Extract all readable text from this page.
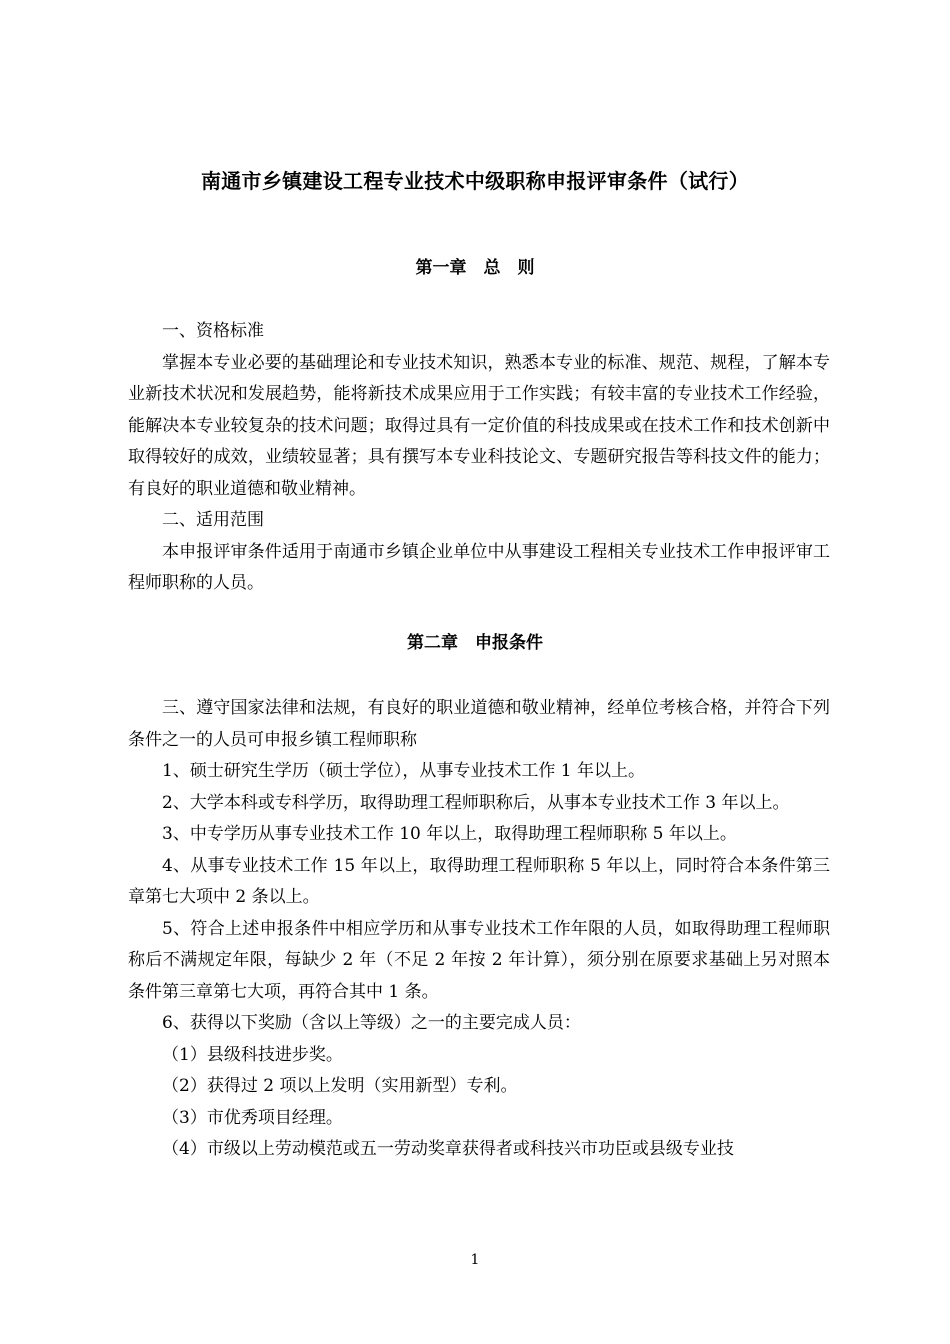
南通市乡镇建设工程专业技术中级职称申报评审条件（试行）
第一章　总　则

一、资格标准

掌握本专业必要的基础理论和专业技术知识，熟悉本专业的标准、规范、规程，了解本专业新技术状况和发展趋势，能将新技术成果应用于工作实践；有较丰富的专业技术工作经验，能解决本专业较复杂的技术问题；取得过具有一定价值的科技成果或在技术工作和技术创新中取得较好的成效，业绩较显著；具有撰写本专业科技论文、专题研究报告等科技文件的能力；有良好的职业道德和敬业精神。

二、适用范围

本申报评审条件适用于南通市乡镇企业单位中从事建设工程相关专业技术工作申报评审工程师职称的人员。

第二章　申报条件

三、遵守国家法律和法规，有良好的职业道德和敬业精神，经单位考核合格，并符合下列条件之一的人员可申报乡镇工程师职称

1、硕士研究生学历（硕士学位），从事专业技术工作 1 年以上。

2、大学本科或专科学历，取得助理工程师职称后，从事本专业技术工作 3 年以上。

3、中专学历从事专业技术工作 10 年以上，取得助理工程师职称 5 年以上。

4、从事专业技术工作 15 年以上，取得助理工程师职称 5 年以上，同时符合本条件第三章第七大项中 2 条以上。

5、符合上述申报条件中相应学历和从事专业技术工作年限的人员，如取得助理工程师职称后不满规定年限，每缺少 2 年（不足 2 年按 2 年计算），须分别在原要求基础上另对照本条件第三章第七大项，再符合其中 1 条。

6、获得以下奖励（含以上等级）之一的主要完成人员：

（1）县级科技进步奖。

（2）获得过 2 项以上发明（实用新型）专利。

（3）市优秀项目经理。

（4）市级以上劳动模范或五一劳动奖章获得者或科技兴市功臣或县级专业技

1
